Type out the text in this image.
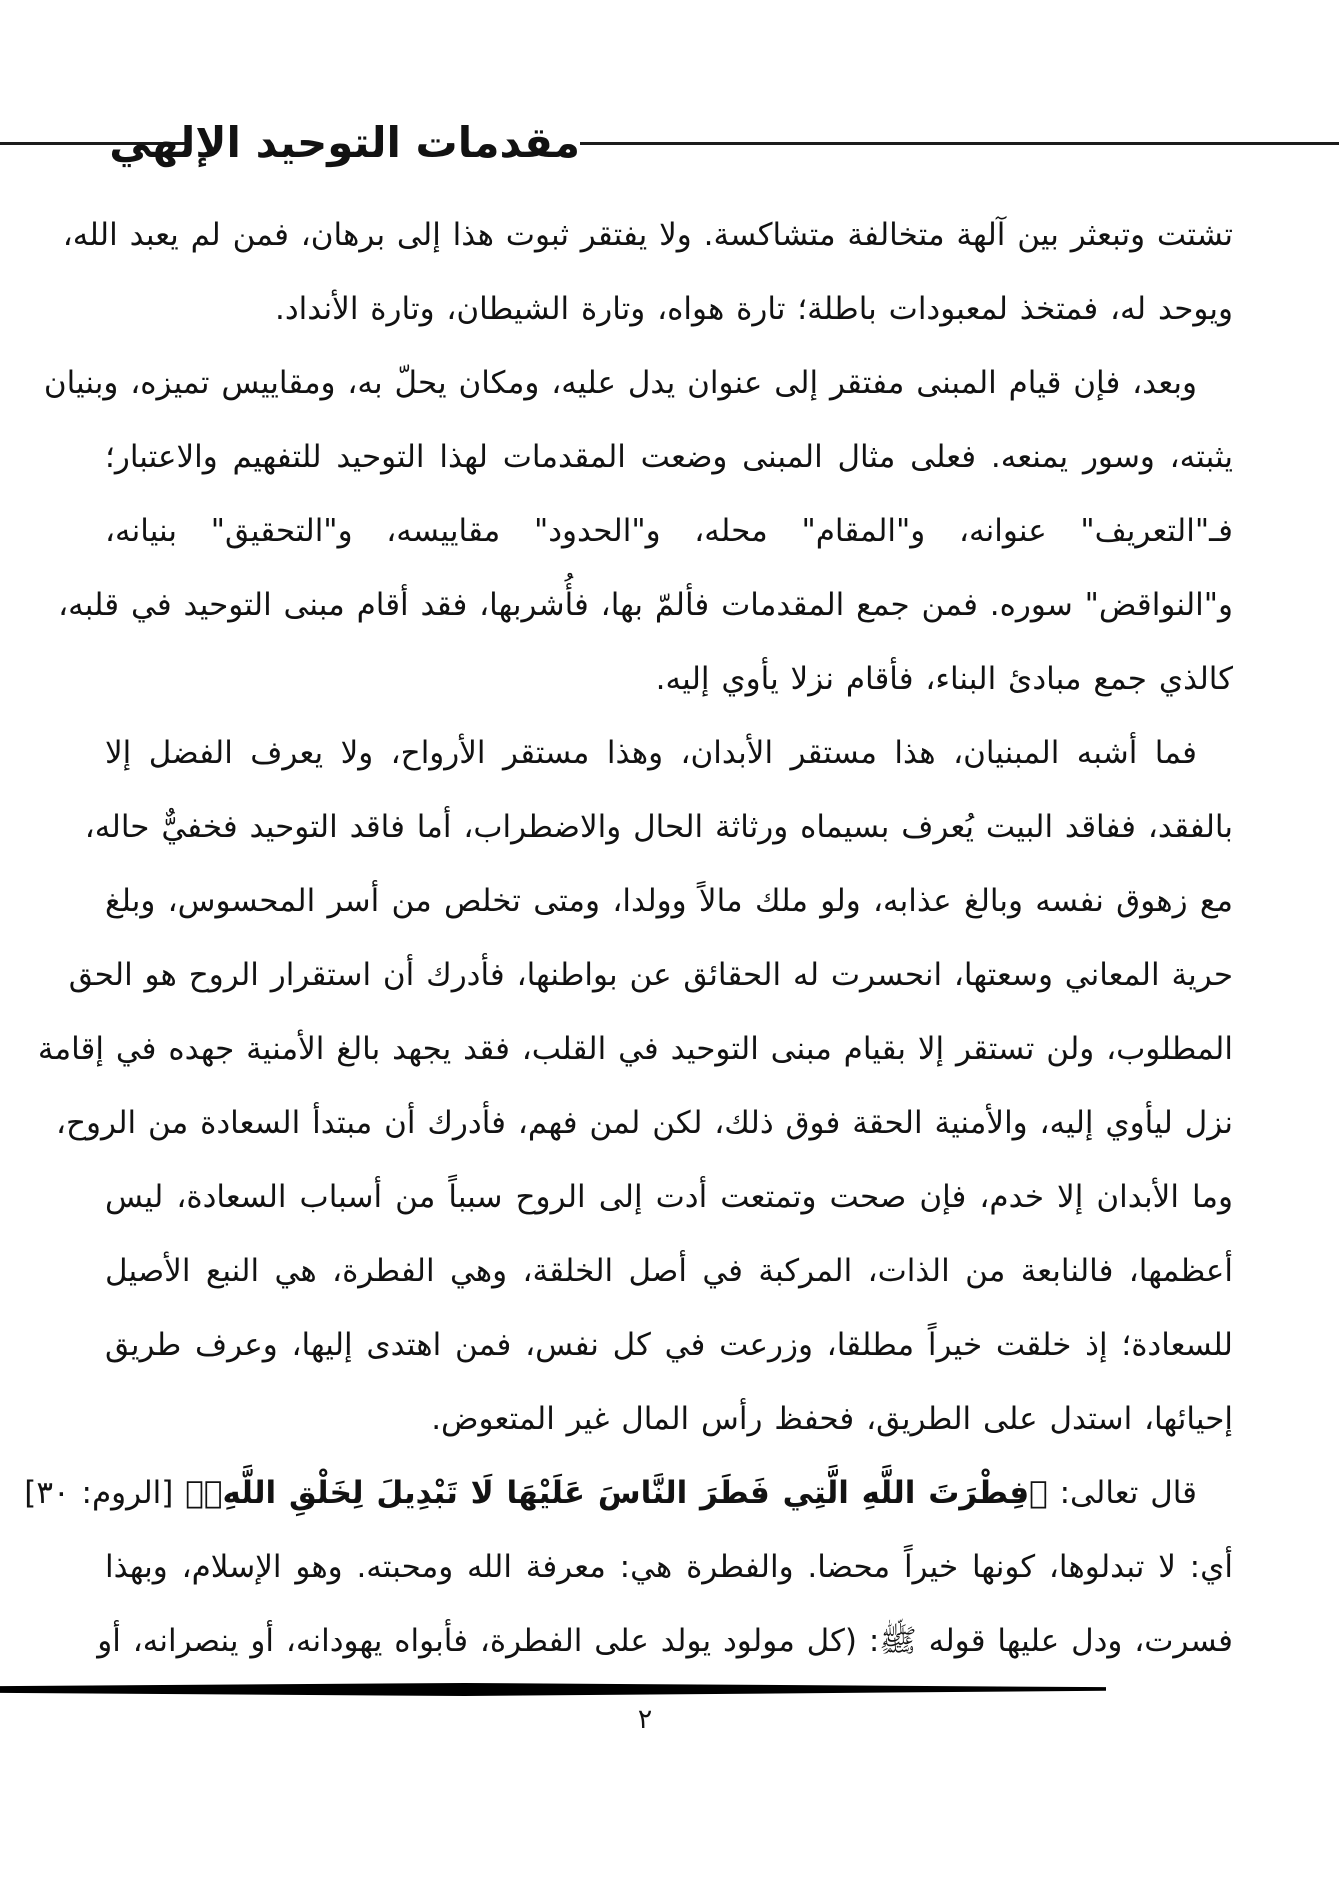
مقدمات التوحيد الإلهي
تشتت وتبعثر بين آلهة متخالفة متشاكسة. ولا يفتقر ثبوت هذا إلى برهان، فمن لم يعبد الله،
ويوحد له، فمتخذ لمعبودات باطلة؛ تارة هواه، وتارة الشيطان، وتارة الأنداد.
وبعد، فإن قيام المبنى مفتقر إلى عنوان يدل عليه، ومكان يحلّ به، ومقاييس تميزه، وبنيان
يثبته، وسور يمنعه. فعلى مثال المبنى وضعت المقدمات لهذا التوحيد للتفهيم والاعتبار؛
فـ"التعريف" عنوانه، و"المقام" محله، و"الحدود" مقاييسه، و"التحقيق" بنيانه،
و"النواقض" سوره. فمن جمع المقدمات فألمّ بها، فأُشربها، فقد أقام مبنى التوحيد في قلبه،
كالذي جمع مبادئ البناء، فأقام نزلا يأوي إليه.
فما أشبه المبنيان، هذا مستقر الأبدان، وهذا مستقر الأرواح، ولا يعرف الفضل إلا
بالفقد، ففاقد البيت يُعرف بسيماه ورثاثة الحال والاضطراب، أما فاقد التوحيد فخفيٌّ حاله،
مع زهوق نفسه وبالغ عذابه، ولو ملك مالاً وولدا، ومتى تخلص من أسر المحسوس، وبلغ
حرية المعاني وسعتها، انحسرت له الحقائق عن بواطنها، فأدرك أن استقرار الروح هو الحق
المطلوب، ولن تستقر إلا بقيام مبنى التوحيد في القلب، فقد يجهد بالغ الأمنية جهده في إقامة
نزل ليأوي إليه، والأمنية الحقة فوق ذلك، لكن لمن فهم، فأدرك أن مبتدأ السعادة من الروح،
وما الأبدان إلا خدم، فإن صحت وتمتعت أدت إلى الروح سبباً من أسباب السعادة، ليس
أعظمها، فالنابعة من الذات، المركبة في أصل الخلقة، وهي الفطرة، هي النبع الأصيل
للسعادة؛ إذ خلقت خيراً مطلقا، وزرعت في كل نفس، فمن اهتدى إليها، وعرف طريق
إحيائها، استدل على الطريق، فحفظ رأس المال غير المتعوض.
قال تعالى: ﴿فِطْرَتَ اللَّهِ الَّتِي فَطَرَ النَّاسَ عَلَيْهَا لَا تَبْدِيلَ لِخَلْقِ اللَّهِۚ﴾ [الروم: ٣٠]
أي: لا تبدلوها، كونها خيراً محضا. والفطرة هي: معرفة الله ومحبته. وهو الإسلام، وبهذا
فسرت، ودل عليها قوله ﷺ: (كل مولود يولد على الفطرة، فأبواه يهودانه، أو ينصرانه، أو
٢
